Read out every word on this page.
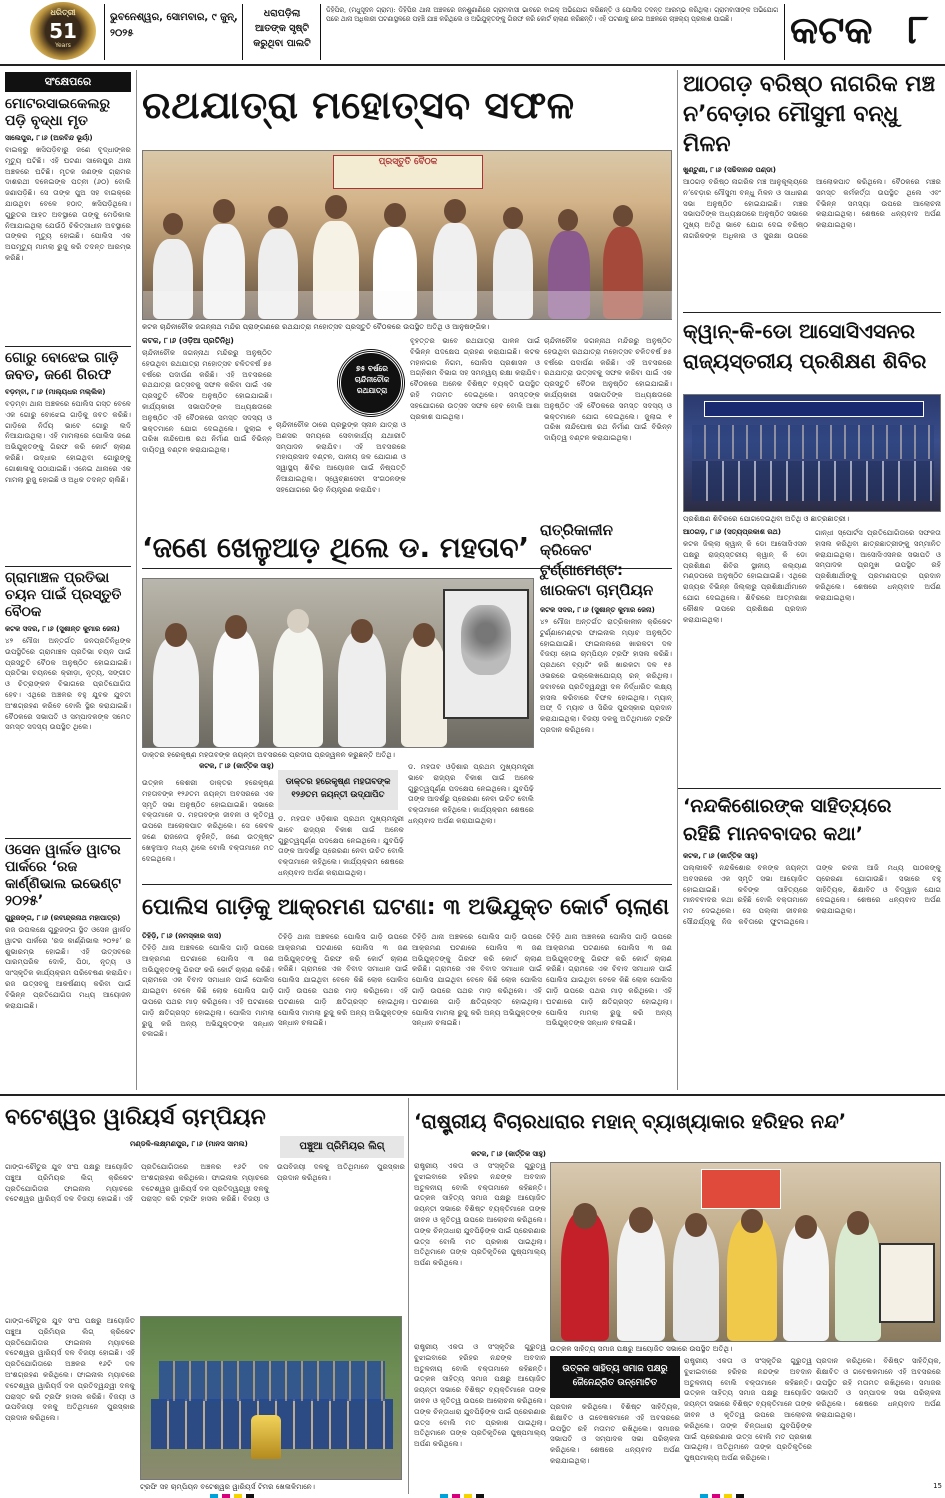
ଧରିତ୍ରୀ
51
Years
ଭୁବନେଶ୍ୱର, ସୋମବାର, ୯ ଜୁନ୍, ୨୦୨୫
ଧରାପଡ଼ିଲା ଆତଙ୍କ ସୃଷ୍ଟି କରୁଥିବା ପାଲଟି
ଡିହିପିର, (ମଧୁସୂଦନ ଗ୍ରାମ): ଡିହିପିର ଥାନା ଅଞ୍ଚଳରେ ଜନଶୁଣାଣିରେ ଗ୍ରାମବାସୀ ଭାବରେ ବାଇକ୍ ଅଭିଯୋଗ କରିଛନ୍ତି ଓ ପୋଲିସ ତଦନ୍ତ ଆରମ୍ଭ କରିଥିଲା। ଗ୍ରାମବାସୀଙ୍କ ଅଭିଯୋଗ ପରେ ଥାନା ଅଧିକାରୀ ଘଟଣାସ୍ଥଳରେ ପହଞ୍ଚି ଯାଞ୍ଚ କରିଥିଲେ ଓ ଅଭିଯୁକ୍ତଙ୍କୁ ଗିରଫ କରି କୋର୍ଟ ଚାଲାଣ କରିଛନ୍ତି। ଏହି ଘଟଣାକୁ ନେଇ ଅଞ୍ଚଳରେ ଚାଞ୍ଚଲ୍ୟ ପ୍ରକାଶ ପାଇଛି।	କଟକ ୮
ସଂକ୍ଷେପରେ
ମୋଟରସାଇକେଲରୁ ପଡ଼ି ବୃଦ୍ଧା ମୃତ
ସାଲେପୁର, ୮।୬ (ଅରବିନ୍ଦ ଭୂୟାଁ)
ବାଇକ୍‌ରୁ ଖସିପଡ଼ିବାରୁ ଜଣେ ବୃଦ୍ଧାଙ୍କର ମୃତ୍ୟୁ ଘଟିଛି। ଏହି ଘଟଣା ସାଲେପୁର ଥାନା ଅଞ୍ଚଳରେ ଘଟିଛି। ମୃତକ ଜଣଙ୍କ ଗ୍ରାମର ଦାଶରଥୀ ଦଳେଇଙ୍କ ପତ୍ନୀ (୬୦) ବୋଲି ଜଣାପଡ଼ିଛି। ସେ ତାଙ୍କ ପୁଅ ସହ ବାଇକ୍‌ରେ ଯାଉଥିବା ବେଳେ ହଠାତ୍ ଖସିପଡ଼ିଥିଲେ। ଗୁରୁତର ଆହତ ଅବସ୍ଥାରେ ତାଙ୍କୁ ମେଡିକାଲ ନିଆଯାଇଥିଲା ଯେଉଁଠି ଚିକିତ୍ସାଧୀନ ଅବସ୍ଥାରେ ତାଙ୍କର ମୃତ୍ୟୁ ହୋଇଛି। ପୋଲିସ ଏକ ଅପମୃତ୍ୟୁ ମାମଲା ରୁଜୁ କରି ତଦନ୍ତ ଆରମ୍ଭ କରିଛି।
ଗୋରୁ ବୋଝେଇ ଗାଡ଼ି ଜବତ, ଜଣେ ଗିରଫ
ବଡ଼ମ୍ବା, ୮।୬ (ମାଲ୍ୟଧର ମଲ୍ଲିକ)
ବଡ଼ମ୍ବା ଥାନା ଅଞ୍ଚଳରେ ପୋଲିସ ଗସ୍ତ ବେଳେ ଏକ ଗୋରୁ ବୋଝେଇ ଗାଡ଼ିକୁ ଜବତ କରିଛି। ଗାଡ଼ିରେ ନିର୍ଦ୍ଦୟ ଭାବେ ଗୋରୁ ଲଦି ନିଆଯାଉଥିଲା। ଏହି ମାମଲାରେ ପୋଲିସ ଜଣେ ଅଭିଯୁକ୍ତଙ୍କୁ ଗିରଫ କରି କୋର୍ଟ ଚାଲାଣ କରିଛି। ଉଦ୍ଧାର ହୋଇଥିବା ଗୋରୁଙ୍କୁ ଗୋଶାଳାକୁ ପଠାଯାଇଛି। ଏନେଇ ଥାନାରେ ଏକ ମାମଲା ରୁଜୁ ହୋଇଛି ଓ ଅଧିକ ତଦନ୍ତ ଚାଲିଛି।
ଗ୍ରାମାଞ୍ଚଳ ପ୍ରତିଭା ଚୟନ ପାଇଁ ପ୍ରସ୍ତୁତି ବୈଠକ
କଟକ ସଦର, ୮।୬ (ସୁଶାନ୍ତ କୁମାର ଜେନା)
୪୨ ମୌଜା ଅନ୍ତର୍ଗତ ଜନପ୍ରତିନିଧିଙ୍କ ଉପସ୍ଥିତିରେ ଗ୍ରାମାଞ୍ଚଳ ପ୍ରତିଭା ଚୟନ ପାଇଁ ପ୍ରସ୍ତୁତି ବୈଠକ ଅନୁଷ୍ଠିତ ହୋଇଯାଇଛି। ପ୍ରତିଭା ଚୟନରେ କ୍ରୀଡ଼ା, ନୃତ୍ୟ, ସଙ୍ଗୀତ ଓ ଚିତ୍ରାଙ୍କନ ବିଭାଗରେ ପ୍ରତିଯୋଗିତା ହେବ। ଏଥିରେ ଅଞ୍ଚଳର ବହୁ ଯୁବକ ଯୁବତୀ ଅଂଶଗ୍ରହଣ କରିବେ ବୋଲି ସ୍ଥିର କରାଯାଇଛି। ବୈଠକରେ ସଭାପତି ଓ ସମ୍ପାଦକଙ୍କ ସମେତ ସମସ୍ତ ସଦସ୍ୟ ଉପସ୍ଥିତ ଥିଲେ।
ଓସେନ ୱାର୍ଲଡ ୱାଟର ପାର୍କରେ ‘ରଜ କାର୍ଣ୍ଣିଭାଲ ଇଭେଣ୍ଟ ୨୦୨୫’
ଗୁରୁଜଙ୍ଗ, ୮।୬ (ରବୀନ୍ଦ୍ରନାଥ ମହାପାତ୍ର)
ରଜ ଉପଲକ୍ଷେ ଗୁରୁଜଙ୍ଗ ସ୍ଥିତ ଓସେନ ୱାର୍ଲଡ ୱାଟର ପାର୍କରେ ‘ରଜ କାର୍ଣ୍ଣିଭାଲ ୨୦୨୫’ ର ଶୁଭାରମ୍ଭ ହୋଇଛି। ଏହି ଉତ୍ସବରେ ପାରମ୍ପରିକ ଦୋଳି, ପିଠା, ନୃତ୍ୟ ଓ ସାଂସ୍କୃତିକ କାର୍ଯ୍ୟକ୍ରମ ପରିବେଷଣ କରାଯିବ। ରଜ ଉତ୍ସବକୁ ଆକର୍ଷଣୀୟ କରିବା ପାଇଁ ବିଭିନ୍ନ ପ୍ରତିଯୋଗିତା ମଧ୍ୟ ଆୟୋଜନ କରାଯାଇଛି।
ରଥଯାତ୍ରା ମହୋତ୍ସବ ସଫଳ
ପ୍ରସ୍ତୁତି ବୈଠକ
କଟକ ଚାନ୍ଦିନୀଚୌକ ଜଗନ୍ନାଥ ମନ୍ଦିର ପ୍ରାଙ୍ଗଣରେ ରଥଯାତ୍ରା ମହୋତ୍ସବ ପ୍ରସ୍ତୁତି ବୈଠକରେ ଉପସ୍ଥିତ ଅତିଥି ଓ ଆନୁଷଙ୍ଗିକ।
କଟକ, ୮।୬ (ଓଡ଼ିଆ ପ୍ରତିନିଧି)
ଚାନ୍ଦିନୀଚୌକ ଜଗନ୍ନାଥ ମନ୍ଦିରରୁ ଅନୁଷ୍ଠିତ ହେଉଥିବା ରଥଯାତ୍ରା ମହୋତ୍ସବ ଚଳିତବର୍ଷ ୭୫ ବର୍ଷରେ ପଦାର୍ପଣ କରିଛି। ଏହି ଅବସରରେ ରଥଯାତ୍ରା ଉତ୍ସବକୁ ସଫଳ କରିବା ପାଇଁ ଏକ ପ୍ରସ୍ତୁତି ବୈଠକ ଅନୁଷ୍ଠିତ ହୋଇଯାଇଛି। କାର୍ଯ୍ୟକାରୀ ସଭାପତିଙ୍କ ଅଧ୍ୟକ୍ଷତାରେ ଅନୁଷ୍ଠିତ ଏହି ବୈଠକରେ ସମସ୍ତ ସଦସ୍ୟ ଓ ଭକ୍ତମାନେ ଯୋଗ ଦେଇଥିଲେ। ଜୁଲାଇ ୧ ତାରିଖ ନାନ୍ଦିଘୋଷ ରଥ ନିର୍ମାଣ ପାଇଁ ବିଭିନ୍ନ ଦାୟିତ୍ୱ ବଣ୍ଟନ କରାଯାଇଥିଲା।
୭୫ ବର୍ଷରେ ଚାନ୍ଦିନୀଚୌକ ରଥଯାତ୍ରା
ଚାନ୍ଦିନୀଚୌକ ଠାରେ ପ୍ରଭୁଙ୍କ ସ୍ନାନ ଯାତ୍ରା ଓ ଅଣସର ସମୟରେ ସେବାକାର୍ଯ୍ୟ ଯଥାରୀତି ସମ୍ପାଦନ କରାଯିବ। ଏହି ଅବସରରେ ମହାପ୍ରସାଦ ବଣ୍ଟନ, ପାନୀୟ ଜଳ ଯୋଗାଣ ଓ ସ୍ୱାସ୍ଥ୍ୟ ଶିବିର ଆୟୋଜନ ପାଇଁ ନିଷ୍ପତ୍ତି ନିଆଯାଇଥିଲା। ସ୍ୱେଚ୍ଛାସେବୀ ସଂଗଠନଙ୍କ ସହଯୋଗରେ ଭିଡ଼ ନିୟନ୍ତ୍ରଣ କରାଯିବ।
ବୃହତ୍ତର ଭାବେ ରଥଯାତ୍ରା ପାଳନ ପାଇଁ ବିଭିନ୍ନ ପଦକ୍ଷେପ ଗ୍ରହଣ କରାଯାଇଛି। କଟକ ମହାନଗର ନିଗମ, ପୋଲିସ ପ୍ରଶାସନ ଓ ଅଗ୍ନିଶମ ବିଭାଗ ସହ ସମନ୍ୱୟ ରକ୍ଷା କରାଯିବ। ବୈଠକରେ ଅନେକ ବିଶିଷ୍ଟ ବ୍ୟକ୍ତି ଉପସ୍ଥିତ ରହି ମତାମତ ଦେଇଥିଲେ। ସମସ୍ତଙ୍କ ସହଯୋଗରେ ଉତ୍ସବ ସଫଳ ହେବ ବୋଲି ଆଶା ପ୍ରକାଶ ପାଇଥିଲା।
ଚାନ୍ଦିନୀଚୌକ ଜଗନ୍ନାଥ ମନ୍ଦିରରୁ ଅନୁଷ୍ଠିତ ହେଉଥିବା ରଥଯାତ୍ରା ମହୋତ୍ସବ ଚଳିତବର୍ଷ ୭୫ ବର୍ଷରେ ପଦାର୍ପଣ କରିଛି। ଏହି ଅବସରରେ ରଥଯାତ୍ରା ଉତ୍ସବକୁ ସଫଳ କରିବା ପାଇଁ ଏକ ପ୍ରସ୍ତୁତି ବୈଠକ ଅନୁଷ୍ଠିତ ହୋଇଯାଇଛି। କାର୍ଯ୍ୟକାରୀ ସଭାପତିଙ୍କ ଅଧ୍ୟକ୍ଷତାରେ ଅନୁଷ୍ଠିତ ଏହି ବୈଠକରେ ସମସ୍ତ ସଦସ୍ୟ ଓ ଭକ୍ତମାନେ ଯୋଗ ଦେଇଥିଲେ। ଜୁଲାଇ ୧ ତାରିଖ ନାନ୍ଦିଘୋଷ ରଥ ନିର୍ମାଣ ପାଇଁ ବିଭିନ୍ନ ଦାୟିତ୍ୱ ବଣ୍ଟନ କରାଯାଇଥିଲା।
ଆଠଗଡ଼ ବରିଷ୍ଠ ନାଗରିକ ମଞ୍ଚ
ନ’ବେଡ଼ାର ମୌସୁମୀ ବନ୍ଧୁ ମିଳନ
ଖୁଣ୍ଟୁଣୀ, ୮।୬ (ସଚ୍ଚିଦାନନ୍ଦ ପଣ୍ଡା)
ଆଠଗଡ଼ ବରିଷ୍ଠ ନାଗରିକ ମଞ୍ଚ ଆନୁକୂଲ୍ୟରେ ନ’ବେଡ଼ାର ମୌସୁମୀ ବନ୍ଧୁ ମିଳନ ଓ ସାଧାରଣ ସଭା ଅନୁଷ୍ଠିତ ହୋଇଯାଇଛି। ମଞ୍ଚର ସଭାପତିଙ୍କ ଅଧ୍ୟକ୍ଷତାରେ ଅନୁଷ୍ଠିତ ସଭାରେ ମୁଖ୍ୟ ଅତିଥି ଭାବେ ଯୋଗ ଦେଇ ବରିଷ୍ଠ ନାଗରିକଙ୍କ ଅଧିକାର ଓ ସୁରକ୍ଷା ଉପରେ ଆଲୋକପାତ କରିଥିଲେ। ବୈଠକରେ ମଞ୍ଚର ସମସ୍ତ କର୍ମକର୍ତ୍ତା ଉପସ୍ଥିତ ଥିଲେ ଏବଂ ବିଭିନ୍ନ ସମସ୍ୟା ଉପରେ ଆଲୋଚନା କରାଯାଇଥିଲା। ଶେଷରେ ଧନ୍ୟବାଦ ଅର୍ପଣ କରାଯାଇଥିଲା।
କ୍ୱାନ୍‌-କି-ଡୋ ଆସୋସିଏସନର
ରାଜ୍ୟସ୍ତରୀୟ ପ୍ରଶିକ୍ଷଣ ଶିବିର
ପ୍ରଶିକ୍ଷଣ ଶିବିରରେ ଯୋଗଦେଇଥିବା ଅତିଥି ଓ ଛାତ୍ରଛାତ୍ରୀ।
ଆଠଗଡ଼, ୮।୬ (ସତ୍ୟପ୍ରକାଶ ରଥ)
କଟକ ଜିଲ୍ଲା କ୍ୱାନ୍‌ କି ଡୋ ଆସୋସିଏସନ ପକ୍ଷରୁ ରାଜ୍ୟସ୍ତରୀୟ କ୍ୱାନ୍‌ କି ଡୋ ପ୍ରଶିକ୍ଷଣ ଶିବିର ସ୍ଥାନୀୟ କଲ୍ୟାଣ ମଣ୍ଡପରେ ଅନୁଷ୍ଠିତ ହୋଇଯାଇଛି। ଏଥିରେ ରାଜ୍ୟର ବିଭିନ୍ନ ଜିଲ୍ଲାରୁ ପ୍ରଶିକ୍ଷାର୍ଥୀମାନେ ଯୋଗ ଦେଇଥିଲେ। ଶିବିରରେ ଆତ୍ମରକ୍ଷା କୌଶଳ ଉପରେ ପ୍ରଶିକ୍ଷଣ ପ୍ରଦାନ କରାଯାଇଥିଲା।
ଗାନ୍ଧୀ ସ୍ପୋର୍ଟସ ପ୍ରତିଯୋଗିତାରେ ସଫଳତା ହାସଲ କରିଥିବା ଛାତ୍ରଛାତ୍ରୀଙ୍କୁ ସମ୍ମାନିତ କରାଯାଇଥିଲା। ଆସୋସିଏସନର ସଭାପତି ଓ ସମ୍ପାଦକ ପ୍ରମୁଖ ଉପସ୍ଥିତ ରହି ପ୍ରଶିକ୍ଷାର୍ଥୀଙ୍କୁ ପ୍ରମାଣପତ୍ର ପ୍ରଦାନ କରିଥିଲେ। ଶେଷରେ ଧନ୍ୟବାଦ ଅର୍ପଣ କରାଯାଇଥିଲା।
‘ଜଣେ ଖେଳୁଆଡ଼ ଥିଲେ ଡ. ମହତାବ’
ରାତ୍ରିକାଳୀନ
କ୍ରିକେଟ ଟୁର୍ଣ୍ଣାମେଣ୍ଟ:
ଖାରକଟା ଚାମ୍ପିୟନ
କଟକ ସଦର, ୮।୬ (ସୁଶାନ୍ତ କୁମାର ଜେନା)
୪୨ ମୌଜା ଅନ୍ତର୍ଗତ ରାତ୍ରିକାଳୀନ କ୍ରିକେଟ ଟୁର୍ଣ୍ଣାମେଣ୍ଟର ଫାଇନାଲ ମ୍ୟାଚ ଅନୁଷ୍ଠିତ ହୋଇଯାଇଛି। ଫାଇନାଲରେ ଖାରକଟା ଦଳ ବିଜୟୀ ହୋଇ ଚାମ୍ପିୟନ ଟ୍ରଫି ହାସଲ କରିଛି। ପ୍ରଥମେ ବ୍ୟାଟିଂ କରି ଖାରକଟା ଦଳ ୧୫ ଓଭରରେ ଉଲ୍ଲେଖଯୋଗ୍ୟ ରନ୍ କରିଥିଲା। ଜବାବରେ ପ୍ରତିଦ୍ୱନ୍ଦ୍ୱୀ ଦଳ ନିର୍ଦ୍ଧାରିତ ଲକ୍ଷ୍ୟ ହାସଲ କରିବାରେ ବିଫଳ ହୋଇଥିଲା। ମ୍ୟାନ୍ ଅଫ୍ ଦି ମ୍ୟାଚ ଓ ସିରିଜ ପୁରସ୍କାର ପ୍ରଦାନ କରାଯାଇଥିଲା। ବିଜୟୀ ଦଳକୁ ଅତିଥିମାନେ ଟ୍ରଫି ପ୍ରଦାନ କରିଥିଲେ।
ଡାକ୍ତର ହରେକୃଷ୍ଣ ମହତାବଙ୍କ ଜୟନ୍ତୀ ଅବସରରେ ପ୍ରଦୀପ ପ୍ରଜ୍ୱଳନ କରୁଛନ୍ତି ଅତିଥି।
କଟକ, ୮।୬ (କାର୍ତ୍ତିକ ସାହୁ)
ଡାକ୍ତର ହରେକୃଷ୍ଣ ମହତାବଙ୍କ ୧୨୬ତମ ଜୟନ୍ତୀ ଉଦ୍‌ଯାପିତ
ଉତ୍କଳ କେଶରୀ ଡାକ୍ତର ହରେକୃଷ୍ଣ ମହତାବଙ୍କ ୧୨୬ତମ ଜୟନ୍ତୀ ଅବସରରେ ଏକ ସ୍ମୃତି ସଭା ଅନୁଷ୍ଠିତ ହୋଇଯାଇଛି। ସଭାରେ ବକ୍ତାମାନେ ଡ. ମହତାବଙ୍କ ଜୀବନୀ ଓ କୃତିତ୍ୱ ଉପରେ ଆଲୋକପାତ କରିଥିଲେ। ସେ କେବଳ ଜଣେ ରାଜନେତା ନୁହଁନ୍ତି, ଜଣେ ଉତ୍କୃଷ୍ଟ ଖେଳୁଆଡ଼ ମଧ୍ୟ ଥିଲେ ବୋଲି ବକ୍ତାମାନେ ମତ ଦେଇଥିଲେ।
ଡ. ମହତାବ ଓଡ଼ିଶାର ପ୍ରଥମ ମୁଖ୍ୟମନ୍ତ୍ରୀ ଭାବେ ରାଜ୍ୟର ବିକାଶ ପାଇଁ ଅନେକ ଗୁରୁତ୍ୱପୂର୍ଣ୍ଣ ପଦକ୍ଷେପ ନେଇଥିଲେ। ଯୁବପିଢ଼ି ତାଙ୍କ ଆଦର୍ଶରୁ ପ୍ରେରଣା ନେବା ଉଚିତ ବୋଲି ବକ୍ତାମାନେ କହିଥିଲେ। କାର୍ଯ୍ୟକ୍ରମ ଶେଷରେ ଧନ୍ୟବାଦ ଅର୍ପଣ କରାଯାଇଥିଲା।
ଡ. ମହତାବ ଓଡ଼ିଶାର ପ୍ରଥମ ମୁଖ୍ୟମନ୍ତ୍ରୀ ଭାବେ ରାଜ୍ୟର ବିକାଶ ପାଇଁ ଅନେକ ଗୁରୁତ୍ୱପୂର୍ଣ୍ଣ ପଦକ୍ଷେପ ନେଇଥିଲେ। ଯୁବପିଢ଼ି ତାଙ୍କ ଆଦର୍ଶରୁ ପ୍ରେରଣା ନେବା ଉଚିତ ବୋଲି ବକ୍ତାମାନେ କହିଥିଲେ। କାର୍ଯ୍ୟକ୍ରମ ଶେଷରେ ଧନ୍ୟବାଦ ଅର୍ପଣ କରାଯାଇଥିଲା।
‘ନନ୍ଦକିଶୋରଙ୍କ ସାହିତ୍ୟରେ
ରହିଛି ମାନବବାଦର କଥା’
କଟକ, ୮।୬ (କାର୍ତ୍ତିକ ସାହୁ)
ପଲ୍ଲୀକବି ନନ୍ଦକିଶୋର ବଳଙ୍କ ଜୟନ୍ତୀ ଅବସରରେ ଏକ ସ୍ମୃତି ସଭା ଆୟୋଜିତ ହୋଇଯାଇଛି। କବିଙ୍କ ସାହିତ୍ୟରେ ମାନବବାଦର କଥା ରହିଛି ବୋଲି ବକ୍ତାମାନେ ମତ ଦେଇଥିଲେ। ସେ ପଲ୍ଲୀ ଜୀବନର ସୌନ୍ଦର୍ଯ୍ୟକୁ ନିଜ କବିତାରେ ଫୁଟାଇଥିଲେ। ତାଙ୍କ ରଚନା ଆଜି ମଧ୍ୟ ପାଠକଙ୍କୁ ପ୍ରେରଣା ଯୋଗାଉଛି। ସଭାରେ ବହୁ ସାହିତ୍ୟିକ, ଶିକ୍ଷାବିତ ଓ ବିଦ୍ୱାନ ଯୋଗ ଦେଇଥିଲେ। ଶେଷରେ ଧନ୍ୟବାଦ ଅର୍ପଣ କରାଯାଇଥିଲା।
ପୋଲିସ ଗାଡ଼ିକୁ ଆକ୍ରମଣ ଘଟଣା: ୩ ଅଭିଯୁକ୍ତ କୋର୍ଟ ଚାଲାଣ
ତିହିଡ଼ି, ୮।୬ (ନମସ୍କାର ଦାସ)
ତିହିଡ଼ି ଥାନା ଅଞ୍ଚଳରେ ପୋଲିସ ଗାଡ଼ି ଉପରେ ଆକ୍ରମଣ ଘଟଣାରେ ପୋଲିସ ୩ ଜଣ ଅଭିଯୁକ୍ତଙ୍କୁ ଗିରଫ କରି କୋର୍ଟ ଚାଲାଣ କରିଛି। ଗ୍ରାମରେ ଏକ ବିବାଦ ସମାଧାନ ପାଇଁ ପୋଲିସ ଯାଇଥିବା ବେଳେ କିଛି ଲୋକ ପୋଲିସ ଗାଡ଼ି ଉପରେ ପଥର ମାଡ଼ କରିଥିଲେ। ଏହି ଘଟଣାରେ ଗାଡ଼ି କ୍ଷତିଗ୍ରସ୍ତ ହୋଇଥିଲା। ପୋଲିସ ମାମଲା ରୁଜୁ କରି ଅନ୍ୟ ଅଭିଯୁକ୍ତଙ୍କ ସନ୍ଧାନ ଚଳାଇଛି।
ତିହିଡ଼ି ଥାନା ଅଞ୍ଚଳରେ ପୋଲିସ ଗାଡ଼ି ଉପରେ ଆକ୍ରମଣ ଘଟଣାରେ ପୋଲିସ ୩ ଜଣ ଅଭିଯୁକ୍ତଙ୍କୁ ଗିରଫ କରି କୋର୍ଟ ଚାଲାଣ କରିଛି। ଗ୍ରାମରେ ଏକ ବିବାଦ ସମାଧାନ ପାଇଁ ପୋଲିସ ଯାଇଥିବା ବେଳେ କିଛି ଲୋକ ପୋଲିସ ଗାଡ଼ି ଉପରେ ପଥର ମାଡ଼ କରିଥିଲେ। ଏହି ଘଟଣାରେ ଗାଡ଼ି କ୍ଷତିଗ୍ରସ୍ତ ହୋଇଥିଲା। ପୋଲିସ ମାମଲା ରୁଜୁ କରି ଅନ୍ୟ ଅଭିଯୁକ୍ତଙ୍କ ସନ୍ଧାନ ଚଳାଇଛି।
ତିହିଡ଼ି ଥାନା ଅଞ୍ଚଳରେ ପୋଲିସ ଗାଡ଼ି ଉପରେ ଆକ୍ରମଣ ଘଟଣାରେ ପୋଲିସ ୩ ଜଣ ଅଭିଯୁକ୍ତଙ୍କୁ ଗିରଫ କରି କୋର୍ଟ ଚାଲାଣ କରିଛି। ଗ୍ରାମରେ ଏକ ବିବାଦ ସମାଧାନ ପାଇଁ ପୋଲିସ ଯାଇଥିବା ବେଳେ କିଛି ଲୋକ ପୋଲିସ ଗାଡ଼ି ଉପରେ ପଥର ମାଡ଼ କରିଥିଲେ। ଏହି ଘଟଣାରେ ଗାଡ଼ି କ୍ଷତିଗ୍ରସ୍ତ ହୋଇଥିଲା। ପୋଲିସ ମାମଲା ରୁଜୁ କରି ଅନ୍ୟ ଅଭିଯୁକ୍ତଙ୍କ ସନ୍ଧାନ ଚଳାଇଛି।
ତିହିଡ଼ି ଥାନା ଅଞ୍ଚଳରେ ପୋଲିସ ଗାଡ଼ି ଉପରେ ଆକ୍ରମଣ ଘଟଣାରେ ପୋଲିସ ୩ ଜଣ ଅଭିଯୁକ୍ତଙ୍କୁ ଗିରଫ କରି କୋର୍ଟ ଚାଲାଣ କରିଛି। ଗ୍ରାମରେ ଏକ ବିବାଦ ସମାଧାନ ପାଇଁ ପୋଲିସ ଯାଇଥିବା ବେଳେ କିଛି ଲୋକ ପୋଲିସ ଗାଡ଼ି ଉପରେ ପଥର ମାଡ଼ କରିଥିଲେ। ଏହି ଘଟଣାରେ ଗାଡ଼ି କ୍ଷତିଗ୍ରସ୍ତ ହୋଇଥିଲା। ପୋଲିସ ମାମଲା ରୁଜୁ କରି ଅନ୍ୟ ଅଭିଯୁକ୍ତଙ୍କ ସନ୍ଧାନ ଚଳାଇଛି।
ବଟେଶ୍ୱର ୱାରିୟର୍ସ ଚାମ୍ପିୟନ
ମଣ୍ଡଳି-ଲକ୍ଷ୍ମଣପୁର, ୮।୬ (ମାନସ ସାମଲ)	ପଞ୍ଚୁଆ ପ୍ରିମିୟର ଲିଗ୍
ଗାଙ୍ଗ-ଚୌତୁର ଯୁବ ସଂଘ ପକ୍ଷରୁ ଆୟୋଜିତ ପଞ୍ଚୁଆ ପ୍ରିମିୟର ଲିଗ୍ କ୍ରିକେଟ ପ୍ରତିଯୋଗିତାର ଫାଇନାଲ ମ୍ୟାଚରେ ବଟେଶ୍ୱର ୱାରିୟର୍ସ ଦଳ ବିଜୟୀ ହୋଇଛି। ଏହି ପ୍ରତିଯୋଗିତାରେ ଅଞ୍ଚଳର ୧୬ଟି ଦଳ ଅଂଶଗ୍ରହଣ କରିଥିଲେ। ଫାଇନାଲ ମ୍ୟାଚରେ ବଟେଶ୍ୱର ୱାରିୟର୍ସ ଦଳ ପ୍ରତିଦ୍ୱନ୍ଦ୍ୱୀ ଦଳକୁ ପରାସ୍ତ କରି ଟ୍ରଫି ହାସଲ କରିଛି। ବିଜୟୀ ଓ ଉପବିଜୟୀ ଦଳକୁ ଅତିଥିମାନେ ପୁରସ୍କାର ପ୍ରଦାନ କରିଥିଲେ।
ଟ୍ରଫି ସହ ଚାମ୍ପିୟନ ବଟେଶ୍ୱର ୱାରିୟର୍ସ ଟିମର ଖେଳାଳିମାନେ।
ଗାଙ୍ଗ-ଚୌତୁର ଯୁବ ସଂଘ ପକ୍ଷରୁ ଆୟୋଜିତ ପଞ୍ଚୁଆ ପ୍ରିମିୟର ଲିଗ୍ କ୍ରିକେଟ ପ୍ରତିଯୋଗିତାର ଫାଇନାଲ ମ୍ୟାଚରେ ବଟେଶ୍ୱର ୱାରିୟର୍ସ ଦଳ ବିଜୟୀ ହୋଇଛି। ଏହି ପ୍ରତିଯୋଗିତାରେ ଅଞ୍ଚଳର ୧୬ଟି ଦଳ ଅଂଶଗ୍ରହଣ କରିଥିଲେ। ଫାଇନାଲ ମ୍ୟାଚରେ ବଟେଶ୍ୱର ୱାରିୟର୍ସ ଦଳ ପ୍ରତିଦ୍ୱନ୍ଦ୍ୱୀ ଦଳକୁ ପରାସ୍ତ କରି ଟ୍ରଫି ହାସଲ କରିଛି। ବିଜୟୀ ଓ ଉପବିଜୟୀ ଦଳକୁ ଅତିଥିମାନେ ପୁରସ୍କାର ପ୍ରଦାନ କରିଥିଲେ।
‘ରାଷ୍ଟ୍ରୀୟ ବିଚାରଧାରାର ମହାନ୍ ବ୍ୟାଖ୍ୟାକାର ହରିହର ନନ୍ଦ’
କଟକ, ୮।୬ (କାର୍ତ୍ତିକ ସାହୁ)
ରାଷ୍ଟ୍ରୀୟ ଏକତା ଓ ସଂସ୍କୃତିର ଗୁରୁତ୍ୱ ବୁଝାଇବାରେ ହରିହର ନନ୍ଦଙ୍କ ଅବଦାନ ଅତୁଳନୀୟ ବୋଲି ବକ୍ତାମାନେ କହିଛନ୍ତି। ଉତ୍କଳ ସାହିତ୍ୟ ସମାଜ ପକ୍ଷରୁ ଆୟୋଜିତ ଜୟନ୍ତୀ ସଭାରେ ବିଶିଷ୍ଟ ବ୍ୟକ୍ତିମାନେ ତାଙ୍କ ଜୀବନ ଓ କୃତିତ୍ୱ ଉପରେ ଆଲୋଚନା କରିଥିଲେ। ତାଙ୍କ ଚିନ୍ତାଧାରା ଯୁବପିଢ଼ିଙ୍କ ପାଇଁ ପ୍ରେରଣାର ଉତ୍ସ ବୋଲି ମତ ପ୍ରକାଶ ପାଇଥିଲା। ଅତିଥିମାନେ ତାଙ୍କ ପ୍ରତିକୃତିରେ ପୁଷ୍ପମାଲ୍ୟ ଅର୍ପଣ କରିଥିଲେ।
ଉତ୍କଳ ସାହିତ୍ୟ ସମାଜ ପକ୍ଷରୁ ଆୟୋଜିତ ସଭାରେ ଉପସ୍ଥିତ ଅତିଥି।
ଉତ୍କଳ ସାହିତ୍ୟ ସମାଜ ପକ୍ଷରୁ ଜୈନେନ୍ଦ୍ରିତ ଉନ୍ମୋଚିତ
ରାଷ୍ଟ୍ରୀୟ ଏକତା ଓ ସଂସ୍କୃତିର ଗୁରୁତ୍ୱ ବୁଝାଇବାରେ ହରିହର ନନ୍ଦଙ୍କ ଅବଦାନ ଅତୁଳନୀୟ ବୋଲି ବକ୍ତାମାନେ କହିଛନ୍ତି। ଉତ୍କଳ ସାହିତ୍ୟ ସମାଜ ପକ୍ଷରୁ ଆୟୋଜିତ ଜୟନ୍ତୀ ସଭାରେ ବିଶିଷ୍ଟ ବ୍ୟକ୍ତିମାନେ ତାଙ୍କ ଜୀବନ ଓ କୃତିତ୍ୱ ଉପରେ ଆଲୋଚନା କରିଥିଲେ। ତାଙ୍କ ଚିନ୍ତାଧାରା ଯୁବପିଢ଼ିଙ୍କ ପାଇଁ ପ୍ରେରଣାର ଉତ୍ସ ବୋଲି ମତ ପ୍ରକାଶ ପାଇଥିଲା। ଅତିଥିମାନେ ତାଙ୍କ ପ୍ରତିକୃତିରେ ପୁଷ୍ପମାଲ୍ୟ ଅର୍ପଣ କରିଥିଲେ।
ପ୍ରଦାନ କରିଥିଲେ। ବିଶିଷ୍ଟ ସାହିତ୍ୟିକ, ଶିକ୍ଷାବିତ ଓ ଗବେଷକମାନେ ଏହି ଅବସରରେ ଉପସ୍ଥିତ ରହି ମତାମତ ରଖିଥିଲେ। ସମାଜର ସଭାପତି ଓ ସମ୍ପାଦକ ସଭା ପରିଚାଳନା କରିଥିଲେ। ଶେଷରେ ଧନ୍ୟବାଦ ଅର୍ପଣ କରାଯାଇଥିଲା।
ରାଷ୍ଟ୍ରୀୟ ଏକତା ଓ ସଂସ୍କୃତିର ଗୁରୁତ୍ୱ ବୁଝାଇବାରେ ହରିହର ନନ୍ଦଙ୍କ ଅବଦାନ ଅତୁଳନୀୟ ବୋଲି ବକ୍ତାମାନେ କହିଛନ୍ତି। ଉତ୍କଳ ସାହିତ୍ୟ ସମାଜ ପକ୍ଷରୁ ଆୟୋଜିତ ଜୟନ୍ତୀ ସଭାରେ ବିଶିଷ୍ଟ ବ୍ୟକ୍ତିମାନେ ତାଙ୍କ ଜୀବନ ଓ କୃତିତ୍ୱ ଉପରେ ଆଲୋଚନା କରିଥିଲେ। ତାଙ୍କ ଚିନ୍ତାଧାରା ଯୁବପିଢ଼ିଙ୍କ ପାଇଁ ପ୍ରେରଣାର ଉତ୍ସ ବୋଲି ମତ ପ୍ରକାଶ ପାଇଥିଲା। ଅତିଥିମାନେ ତାଙ୍କ ପ୍ରତିକୃତିରେ ପୁଷ୍ପମାଲ୍ୟ ଅର୍ପଣ କରିଥିଲେ।
ପ୍ରଦାନ କରିଥିଲେ। ବିଶିଷ୍ଟ ସାହିତ୍ୟିକ, ଶିକ୍ଷାବିତ ଓ ଗବେଷକମାନେ ଏହି ଅବସରରେ ଉପସ୍ଥିତ ରହି ମତାମତ ରଖିଥିଲେ। ସମାଜର ସଭାପତି ଓ ସମ୍ପାଦକ ସଭା ପରିଚାଳନା କରିଥିଲେ। ଶେଷରେ ଧନ୍ୟବାଦ ଅର୍ପଣ କରାଯାଇଥିଲା।
15
